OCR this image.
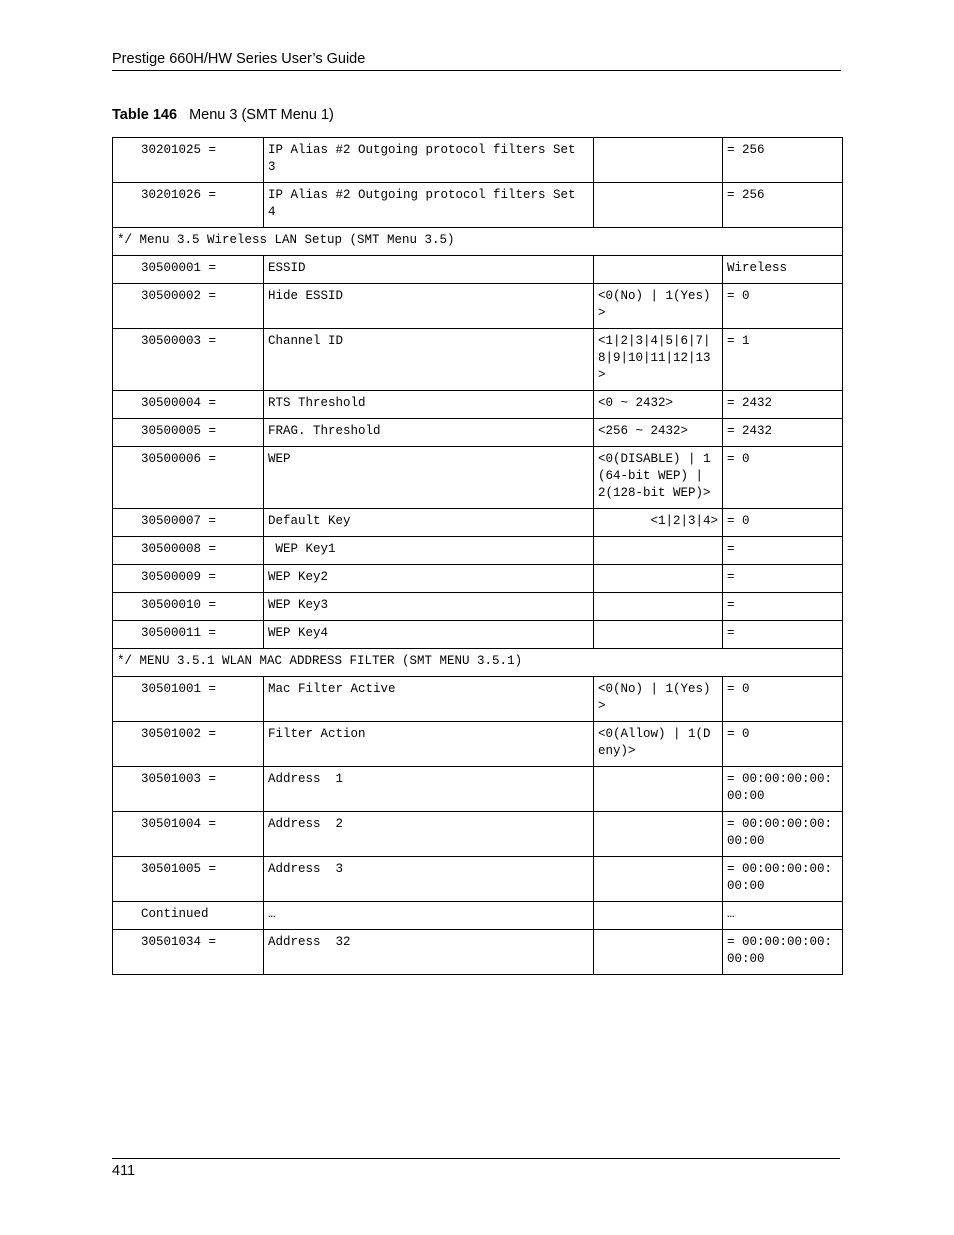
Prestige 660H/HW Series User’s Guide
Table 146 Menu 3 (SMT Menu 1)
30201025 =	IP Alias #2 Outgoing protocol filters Set 3		= 256
30201026 =	IP Alias #2 Outgoing protocol filters Set 4		= 256
*/ Menu 3.5 Wireless LAN Setup (SMT Menu 3.5)			
30500001 =	ESSID		Wireless
30500002 =	Hide ESSID	<0(No) | 1(Yes)>	= 0
30500003 =	Channel ID	<1|2|3|4|5|6|7|8|9|10|11|12|13>	= 1
30500004 =	RTS Threshold	<0 ~ 2432>	= 2432
30500005 =	FRAG. Threshold	<256 ~ 2432>	= 2432
30500006 =	WEP	<0(DISABLE) | 1(64-bit WEP) | 2(128-bit WEP)>	= 0
30500007 =	Default Key	<1|2|3|4>	= 0
30500008 =	WEP Key1		=
30500009 =	WEP Key2		=
30500010 =	WEP Key3		=
30500011 =	WEP Key4		=
*/ MENU 3.5.1 WLAN MAC ADDRESS FILTER (SMT MENU 3.5.1)			
30501001 =	Mac Filter Active	<0(No) | 1(Yes)>	= 0
30501002 =	Filter Action	<0(Allow) | 1(Deny)>	= 0
30501003 =	Address  1		= 00:00:00:00:00:00
30501004 =	Address  2		= 00:00:00:00:00:00
30501005 =	Address  3		= 00:00:00:00:00:00
Continued	…		…
30501034 =	Address  32		= 00:00:00:00:00:00
411
